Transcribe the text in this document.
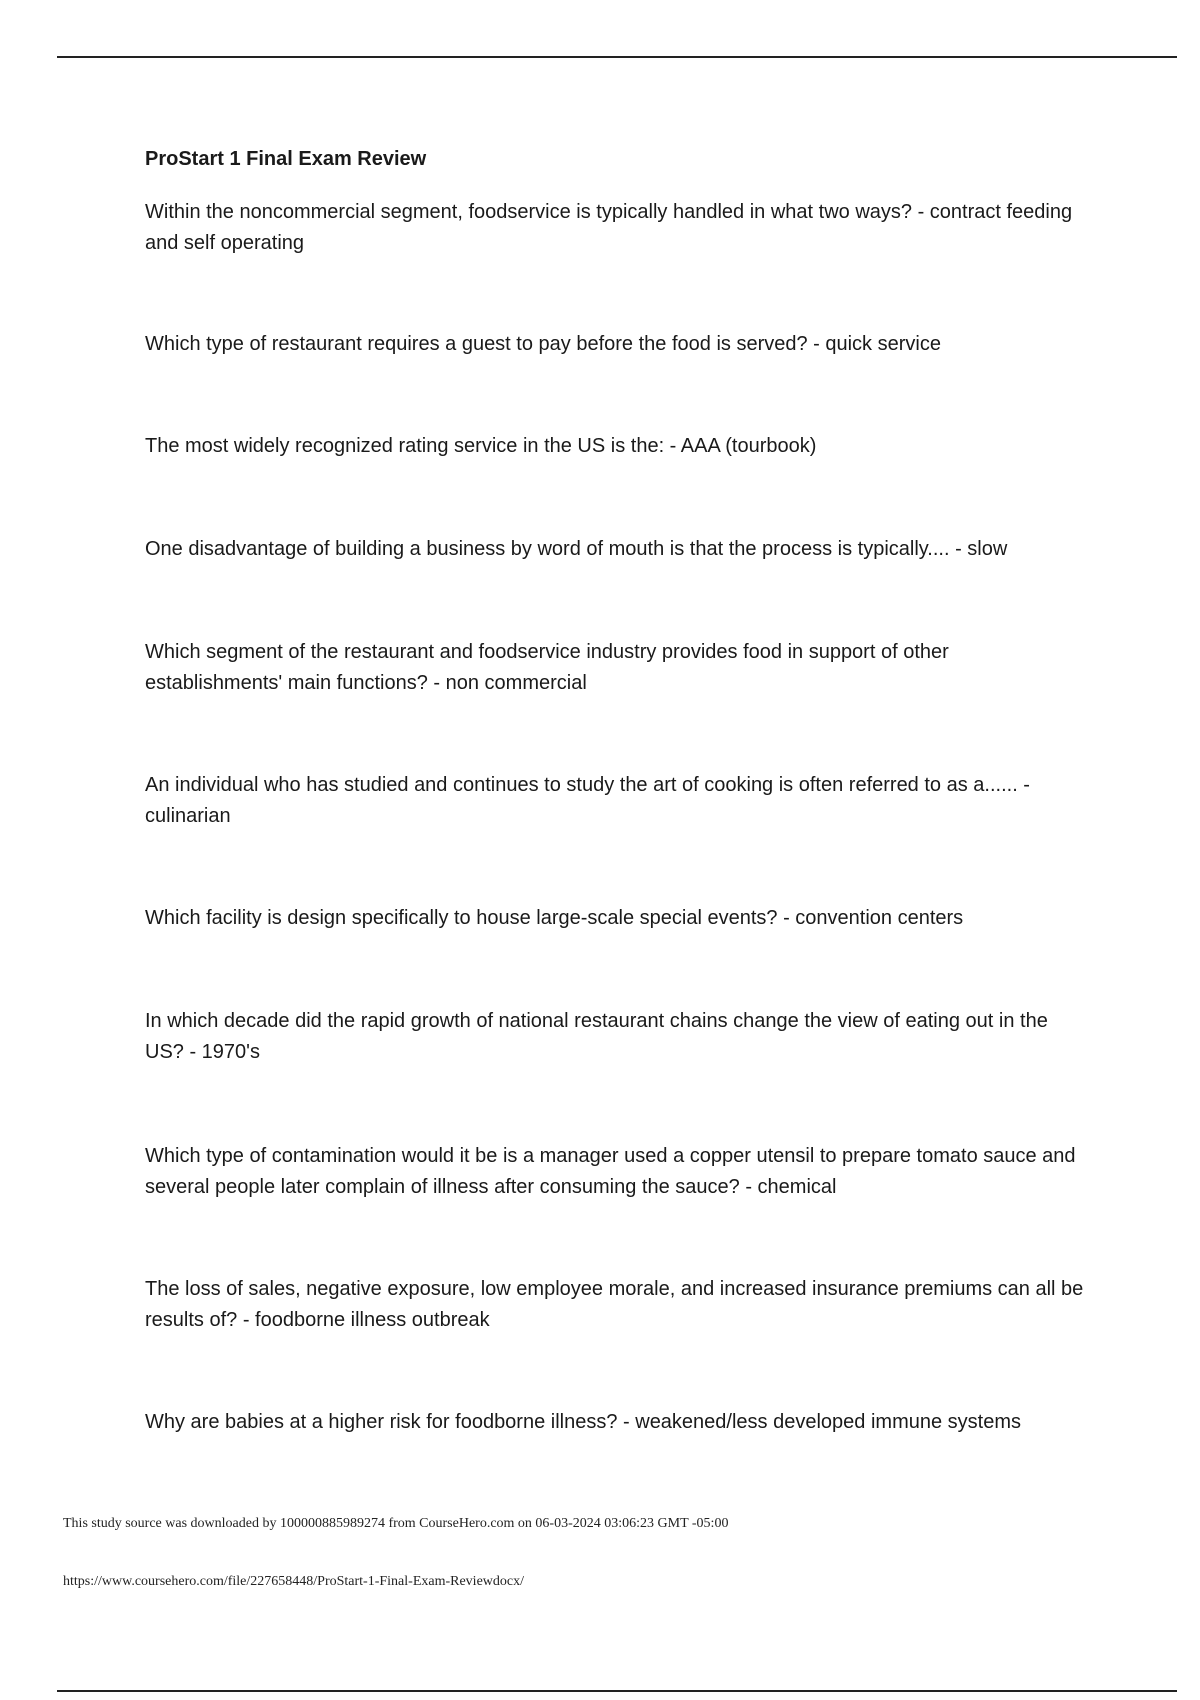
ProStart 1 Final Exam Review

Within the noncommercial segment, foodservice is typically handled in what two ways? - contract feeding and self operating

Which type of restaurant requires a guest to pay before the food is served? - quick service

The most widely recognized rating service in the US is the: - AAA (tourbook)

One disadvantage of building a business by word of mouth is that the process is typically.... - slow

Which segment of the restaurant and foodservice industry provides food in support of other establishments' main functions? - non commercial

An individual who has studied and continues to study the art of cooking is often referred to as a...... - culinarian

Which facility is design specifically to house large-scale special events? - convention centers

In which decade did the rapid growth of national restaurant chains change the view of eating out in the US? - 1970's

Which type of contamination would it be is a manager used a copper utensil to prepare tomato sauce and several people later complain of illness after consuming the sauce? - chemical

The loss of sales, negative exposure, low employee morale, and increased insurance premiums can all be results of? - foodborne illness outbreak

Why are babies at a higher risk for foodborne illness? - weakened/less developed immune systems

This study source was downloaded by 100000885989274 from CourseHero.com on 06-03-2024 03:06:23 GMT -05:00
https://www.coursehero.com/file/227658448/ProStart-1-Final-Exam-Reviewdocx/
